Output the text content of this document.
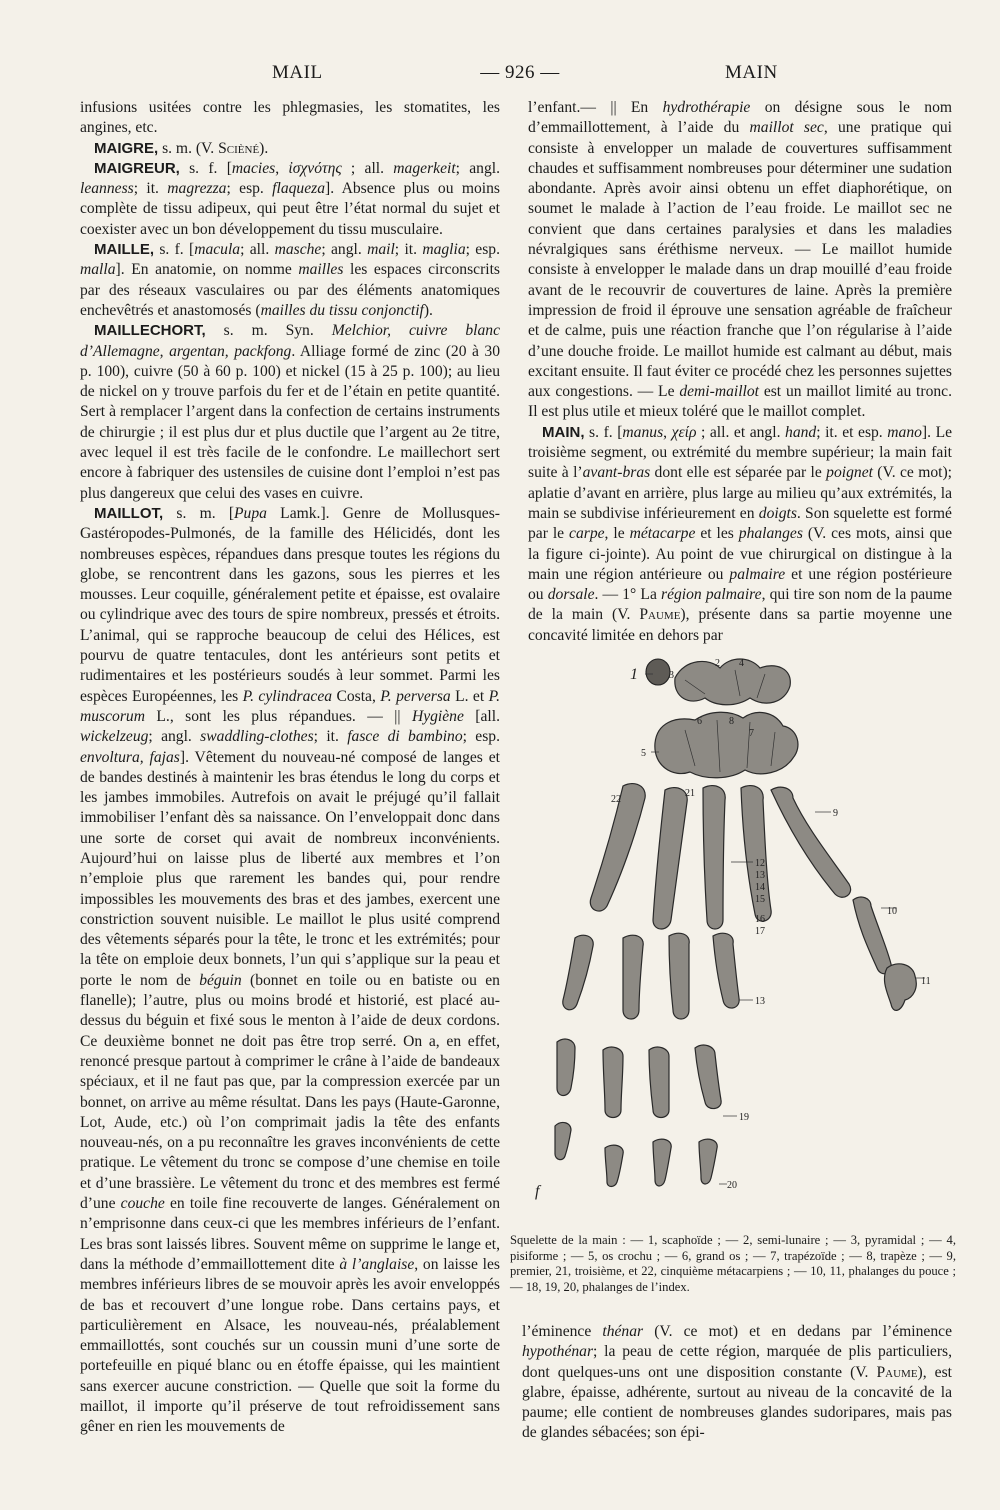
MAIL	— 926 —	MAIN

infusions usitées contre les phlegmasies, les stomatites, les angines, etc.

MAIGRE, s. m. (V. Scièné).

MAIGREUR, s. f. [macies, ἰσχνότης ; all. magerkeit; angl. leanness; it. magrezza; esp. flaqueza]. Absence plus ou moins complète de tissu adipeux, qui peut être l’état normal du sujet et coexister avec un bon développement du tissu musculaire.

MAILLE, s. f. [macula; all. masche; angl. mail; it. maglia; esp. malla]. En anatomie, on nomme mailles les espaces circonscrits par des réseaux vasculaires ou par des éléments anatomiques enchevêtrés et anastomosés (mailles du tissu conjonctif).

MAILLECHORT, s. m. Syn. Melchior, cuivre blanc d’Allemagne, argentan, packfong. Alliage formé de zinc (20 à 30 p. 100), cuivre (50 à 60 p. 100) et nickel (15 à 25 p. 100); au lieu de nickel on y trouve parfois du fer et de l’étain en petite quantité. Sert à remplacer l’argent dans la confection de certains instruments de chirurgie ; il est plus dur et plus ductile que l’argent au 2e titre, avec lequel il est très facile de le confondre. Le maillechort sert encore à fabriquer des ustensiles de cuisine dont l’emploi n’est pas plus dangereux que celui des vases en cuivre.

MAILLOT, s. m. [Pupa Lamk.]. Genre de Mollusques-Gastéropodes-Pulmonés, de la famille des Hélicidés, dont les nombreuses espèces, répandues dans presque toutes les régions du globe, se rencontrent dans les gazons, sous les pierres et les mousses. Leur coquille, généralement petite et épaisse, est ovalaire ou cylindrique avec des tours de spire nombreux, pressés et étroits. L’animal, qui se rapproche beaucoup de celui des Hélices, est pourvu de quatre tentacules, dont les antérieurs sont petits et rudimentaires et les postérieurs soudés à leur sommet. Parmi les espèces Européennes, les P. cylindracea Costa, P. perversa L. et P. muscorum L., sont les plus répandues. — || Hygiène [all. wickelzeug; angl. swaddling-clothes; it. fasce di bambino; esp. envoltura, fajas]. Vêtement du nouveau-né composé de langes et de bandes destinés à maintenir les bras étendus le long du corps et les jambes immobiles. Autrefois on avait le préjugé qu’il fallait immobiliser l’enfant dès sa naissance. On l’enveloppait donc dans une sorte de corset qui avait de nombreux inconvénients. Aujourd’hui on laisse plus de liberté aux membres et l’on n’emploie plus que rarement les bandes qui, pour rendre impossibles les mouvements des bras et des jambes, exercent une constriction souvent nuisible. Le maillot le plus usité comprend des vêtements séparés pour la tête, le tronc et les extrémités; pour la tête on emploie deux bonnets, l’un qui s’applique sur la peau et porte le nom de béguin (bonnet en toile ou en batiste ou en flanelle); l’autre, plus ou moins brodé et historié, est placé au-dessus du béguin et fixé sous le menton à l’aide de deux cordons. Ce deuxième bonnet ne doit pas être trop serré. On a, en effet, renoncé presque partout à comprimer le crâne à l’aide de bandeaux spéciaux, et il ne faut pas que, par la compression exercée par un bonnet, on arrive au même résultat. Dans les pays (Haute-Garonne, Lot, Aude, etc.) où l’on comprimait jadis la tête des enfants nouveau-nés, on a pu reconnaître les graves inconvénients de cette pratique. Le vêtement du tronc se compose d’une chemise en toile et d’une brassière. Le vêtement du tronc et des membres est fermé d’une couche en toile fine recouverte de langes. Généralement on n’emprisonne dans ceux-ci que les membres inférieurs de l’enfant. Les bras sont laissés libres. Souvent même on supprime le lange et, dans la méthode d’emmaillottement dite à l’anglaise, on laisse les membres inférieurs libres de se mouvoir après les avoir enveloppés de bas et recouvert d’une longue robe. Dans certains pays, et particulièrement en Alsace, les nouveau-nés, préalablement emmaillottés, sont couchés sur un coussin muni d’une sorte de portefeuille en piqué blanc ou en étoffe épaisse, qui les maintient sans exercer aucune constriction. — Quelle que soit la forme du maillot, il importe qu’il préserve de tout refroidissement sans gêner en rien les mouvements de

l’enfant.— || En hydrothérapie on désigne sous le nom d’emmaillottement, à l’aide du maillot sec, une pratique qui consiste à envelopper un malade de couvertures suffisamment chaudes et suffisamment nombreuses pour déterminer une sudation abondante. Après avoir ainsi obtenu un effet diaphorétique, on soumet le malade à l’action de l’eau froide. Le maillot sec ne convient que dans certaines paralysies et dans les maladies névralgiques sans éréthisme nerveux. — Le maillot humide consiste à envelopper le malade dans un drap mouillé d’eau froide avant de le recouvrir de couvertures de laine. Après la première impression de froid il éprouve une sensation agréable de fraîcheur et de calme, puis une réaction franche que l’on régularise à l’aide d’une douche froide. Le maillot humide est calmant au début, mais excitant ensuite. Il faut éviter ce procédé chez les personnes sujettes aux congestions. — Le demi-maillot est un maillot limité au tronc. Il est plus utile et mieux toléré que le maillot complet.

MAIN, s. f. [manus, χείρ ; all. et angl. hand; it. et esp. mano]. Le troisième segment, ou extrémité du membre supérieur; la main fait suite à l’avant-bras dont elle est séparée par le poignet (V. ce mot); aplatie d’avant en arrière, plus large au milieu qu’aux extrémités, la main se subdivise inférieurement en doigts. Son squelette est formé par le carpe, le métacarpe et les phalanges (V. ces mots, ainsi que la figure ci-jointe). Au point de vue chirurgical on distingue à la main une région antérieure ou palmaire et une région postérieure ou dorsale. — 1° La région palmaire, qui tire son nom de la paume de la main (V. Paume), présente dans sa partie moyenne une concavité limitée en dehors par

1
2 4
3
6	8
7
5
22
21
9
12
13
14
15
16
17
10
11
13
19
20
f

Squelette de la main : — 1, scaphoïde ; — 2, semi-lunaire ; — 3, pyramidal ; — 4, pisiforme ; — 5, os crochu ; — 6, grand os ; — 7, trapézoïde ; — 8, trapèze ; — 9, premier, 21, troisième, et 22, cinquième métacarpiens ; — 10, 11, phalanges du pouce ; — 18, 19, 20, phalanges de l’index.

l’éminence thénar (V. ce mot) et en dedans par l’éminence hypothénar; la peau de cette région, marquée de plis particuliers, dont quelques-uns ont une disposition constante (V. Paume), est glabre, épaisse, adhérente, surtout au niveau de la concavité de la paume; elle contient de nombreuses glandes sudoripares, mais pas de glandes sébacées; son épi-
